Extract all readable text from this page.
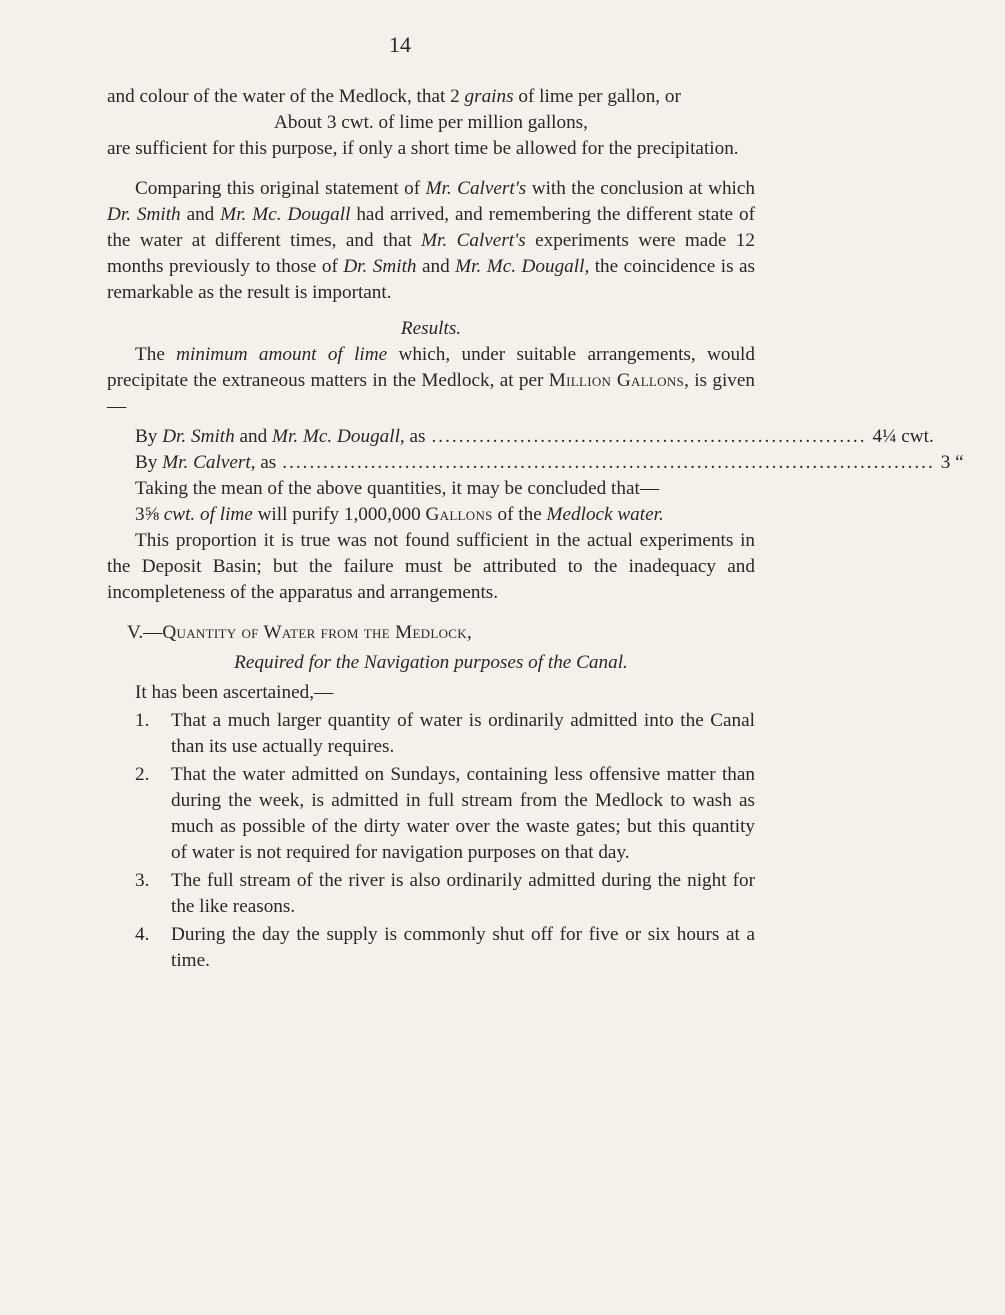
14

and colour of the water of the Medlock, that 2 grains of lime per gallon, or

About 3 cwt. of lime per million gallons,

are sufficient for this purpose, if only a short time be allowed for the precipitation.

Comparing this original statement of Mr. Calvert's with the conclusion at which Dr. Smith and Mr. Mc. Dougall had arrived, and remembering the different state of the water at different times, and that Mr. Calvert's experiments were made 12 months previously to those of Dr. Smith and Mr. Mc. Dougall, the coincidence is as remarkable as the result is important.

Results.

The minimum amount of lime which, under suitable arrangements, would precipitate the extraneous matters in the Medlock, at per Million Gallons, is given—

By Dr. Smith and Mr. Mc. Dougall, as ................................................................ 4¼ cwt.
By Mr. Calvert, as ................................................................................................ 3 “

Taking the mean of the above quantities, it may be concluded that—

3⅝ cwt. of lime will purify 1,000,000 Gallons of the Medlock water.

This proportion it is true was not found sufficient in the actual experiments in the Deposit Basin; but the failure must be attributed to the inadequacy and incompleteness of the apparatus and arrangements.

V.—Quantity of Water from the Medlock,

Required for the Navigation purposes of the Canal.

It has been ascertained,—

1.	That a much larger quantity of water is ordinarily admitted into the Canal than its use actually requires.
2.	That the water admitted on Sundays, containing less offensive matter than during the week, is admitted in full stream from the Medlock to wash as much as possible of the dirty water over the waste gates; but this quantity of water is not required for navigation purposes on that day.
3.	The full stream of the river is also ordinarily admitted during the night for the like reasons.
4.	During the day the supply is commonly shut off for five or six hours at a time.
